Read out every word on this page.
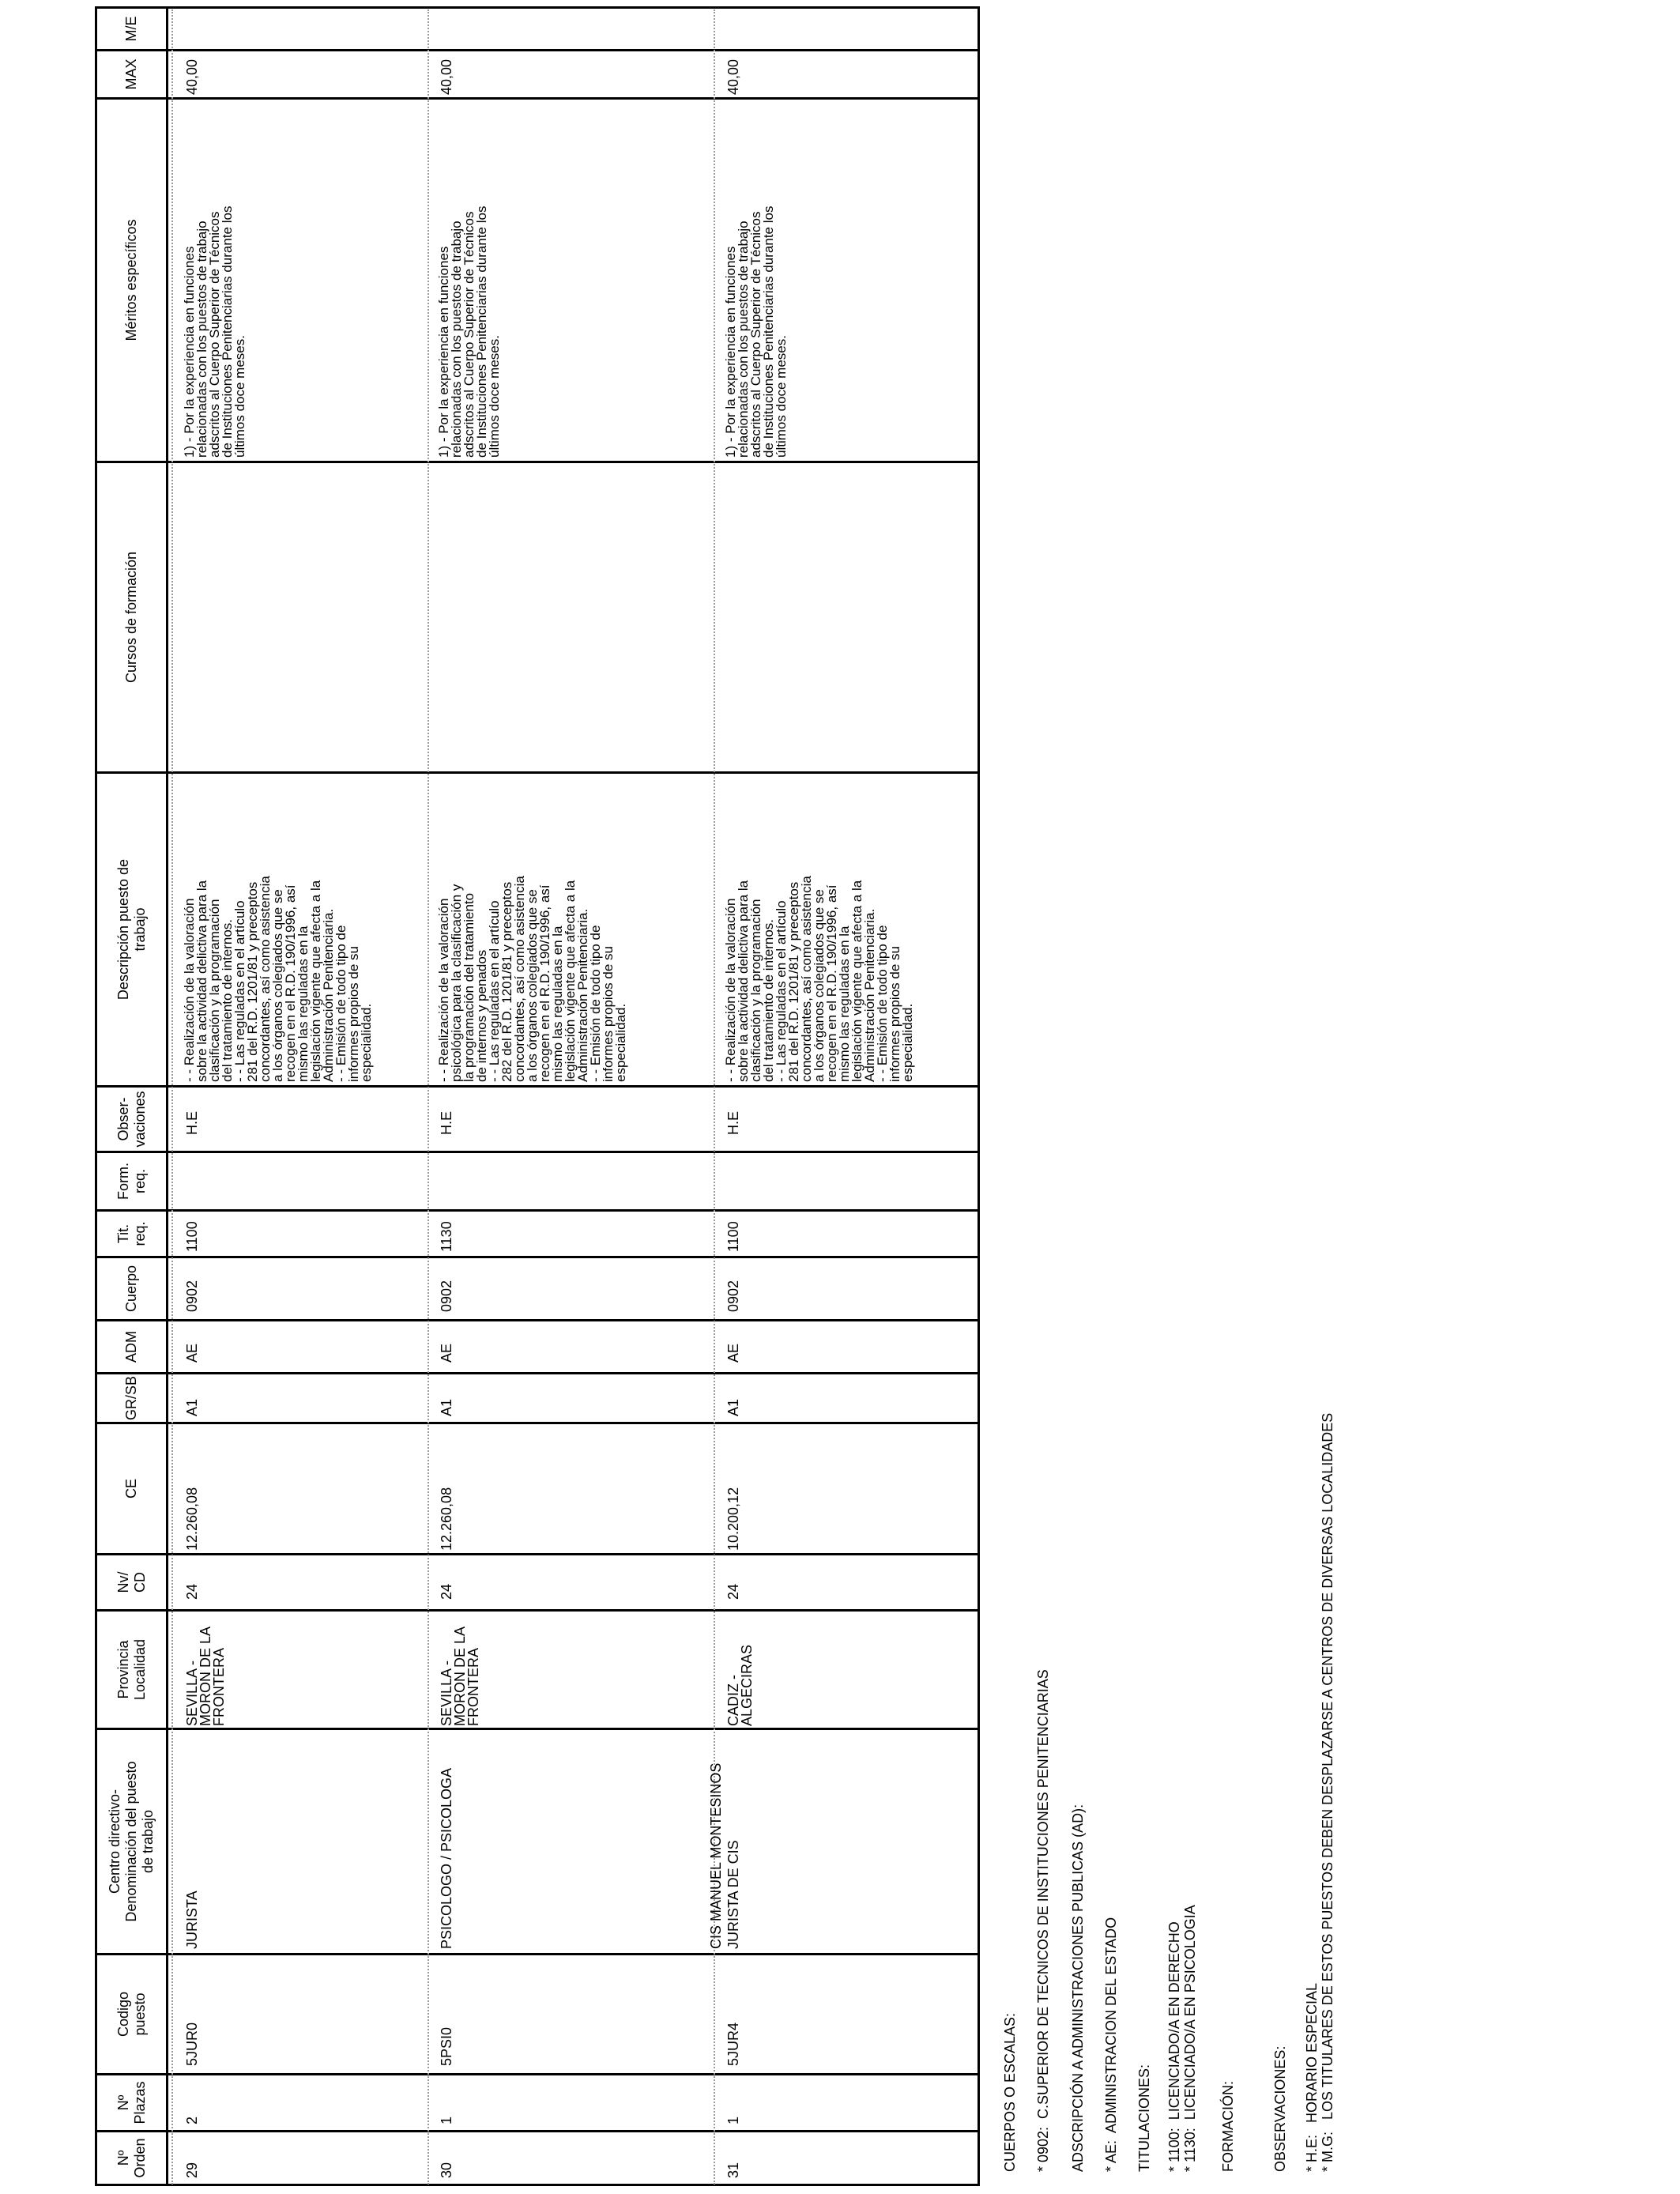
Nº
Orden
Nº
Plazas
Codigo
puesto
Centro directivo-
Denominación del puesto
de trabajo
Provincia
Localidad
Nv/
CD
CE
GR/SB
ADM
Cuerpo
Tit.
req.
Form.
req.
Obser-
vaciones
Descripción puesto de
trabajo
Cursos de formación
Méritos específicos
MAX
M/E
29
2
5JUR0
JURISTA
SEVILLA -
MORON DE LA
FRONTERA
24
12.260,08
A1
AE
0902
1100
H.E
- - Realización de la valoración
sobre la actividad delictiva para la
clasificación y la programación
del tratamiento de internos.
- - Las reguladas en el artículo
281 del R.D. 1201/81 y preceptos
concordantes, así como asistencia
a los órganos colegiados que se
recogen en el R.D. 190/1996, así
mismo las reguladas en la
legislación vigente que afecta a la
Administración Penitenciaria.
- - Emisión de todo tipo de
informes propios de su
especialidad.
1) - Por la experiencia en funciones
relacionadas con los puestos de trabajo
adscritos al Cuerpo Superior de Técnicos
de Instituciones Penitenciarias durante los
últimos doce meses.
40,00
30
1
5PSI0
PSICOLOGO / PSICOLOGA
SEVILLA -
MORON DE LA
FRONTERA
24
12.260,08
A1
AE
0902
1130
H.E
- - Realización de la valoración
psicológica para la clasificación y
la programación del tratamiento
de internos y penados
- - Las reguladas en el artículo
282 del R.D. 1201/81 y preceptos
concordantes, así como asistencia
a los órganos colegiados que se
recogen en el R.D. 190/1996, así
mismo las reguladas en la
legislación vigente que afecta a la
Administración Penitenciaria.
- - Emisión de todo tipo de
informes propios de su
especialidad.
1) - Por la experiencia en funciones
relacionadas con los puestos de trabajo
adscritos al Cuerpo Superior de Técnicos
de Instituciones Penitenciarias durante los
últimos doce meses.
40,00
31
1
5JUR4
CIS MANUEL MONTESINOS JURISTA DE CIS
CADIZ -
ALGECIRAS
24
10.200,12
A1
AE
0902
1100
H.E
- - Realización de la valoración
sobre la actividad delictiva para la
clasificación y la programación
del tratamiento de internos.
- - Las reguladas en el artículo
281 del R.D. 1201/81 y preceptos
concordantes, así como asistencia
a los órganos colegiados que se
recogen en el R.D. 190/1996, así
mismo las reguladas en la
legislación vigente que afecta a la
Administración Penitenciaria.
- - Emisión de todo tipo de
informes propios de su
especialidad.
1) - Por la experiencia en funciones
relacionadas con los puestos de trabajo
adscritos al Cuerpo Superior de Técnicos
de Instituciones Penitenciarias durante los
últimos doce meses.
40,00
CUERPOS O ESCALAS: * 0902:  C.SUPERIOR DE TECNICOS DE INSTITUCIONES PENITENCIARIAS ADSCRIPCIÓN A ADMINISTRACIONES PUBLICAS (AD): * AE:  ADMINISTRACION DEL ESTADO TITULACIONES: * 1100:  LICENCIADO/A EN DERECHO
* 1130:  LICENCIADO/A EN PSICOLOGIA
FORMACIÓN:	OBSERVACIONES: * H.E:   HORARIO ESPECIAL
* M.G:   LOS TITULARES DE ESTOS PUESTOS DEBEN DESPLAZARSE A CENTROS DE DIVERSAS LOCALIDADES
